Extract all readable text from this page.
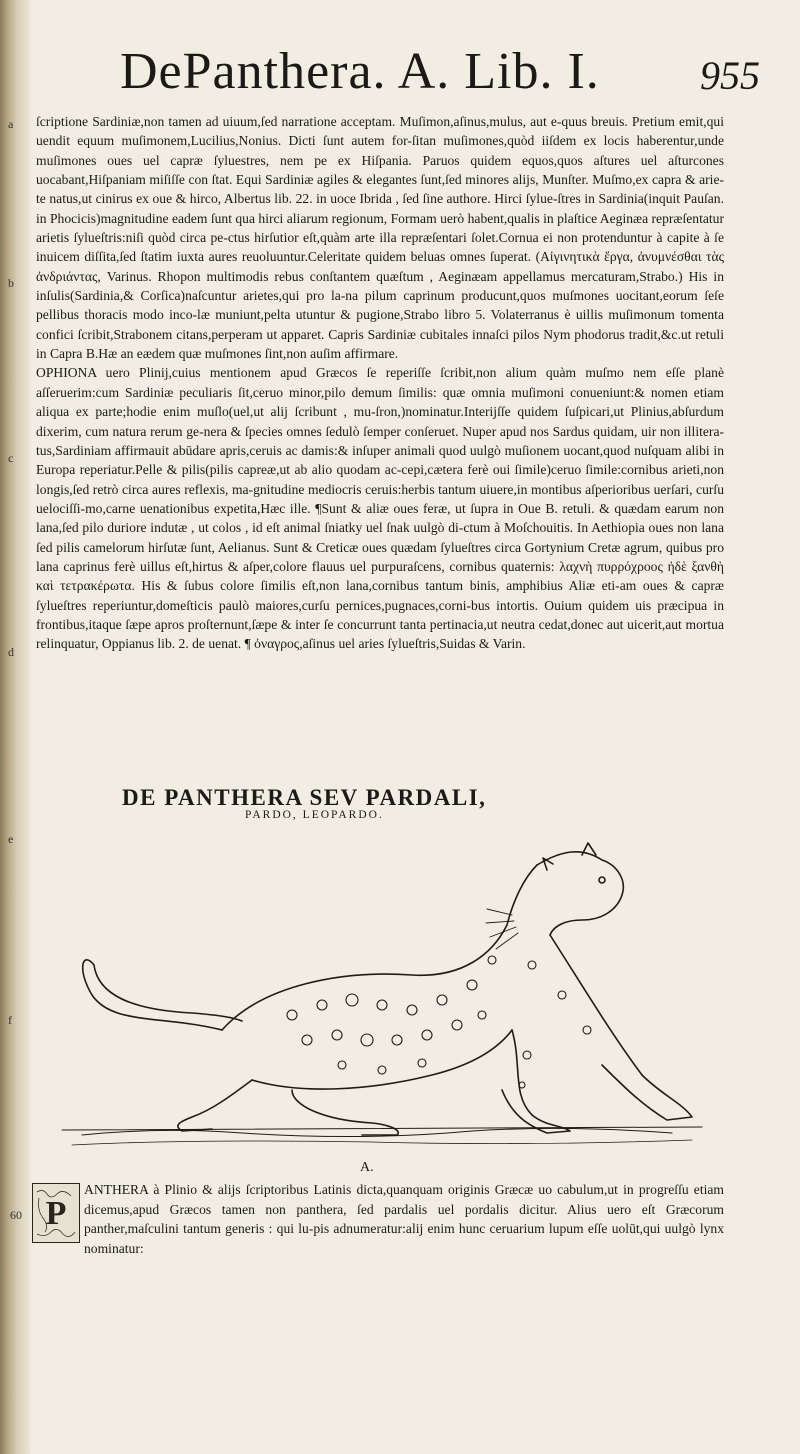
DePanthera. A. Lib. I.	955
a
b
c
d
e
f

ſcriptione Sardiniæ,non tamen ad uiuum,ſed narratione acceptam. Muſimon,aſinus,mulus, aut e-quus breuis. Pretium emit,qui uendit equum muſimonem,Lucilius,Nonius. Dicti ſunt autem for-ſitan muſimones,quòd iiſdem ex locis haberentur,unde muſimones oues uel capræ ſyluestres, nem pe ex Hiſpania. Paruos quidem equos,quos aſtures uel aſturcones uocabant,Hiſpaniam miſiſſe con ſtat. Equi Sardiniæ agiles & elegantes ſunt,ſed minores alijs, Munſter. Muſmo,ex capra & arie-te natus,ut cinirus ex oue & hirco, Albertus lib. 22. in uoce Ibrida , ſed ſine authore. Hirci ſylue-ſtres in Sardinia(inquit Pauſan. in Phocicis)magnitudine eadem ſunt qua hirci aliarum regionum, Formam uerò habent,qualis in plaſtice Aeginæa repræſentatur arietis ſylueſtris:niſi quòd circa pe-ctus hirſutior eſt,quàm arte illa repræſentari ſolet.Cornua ei non protenduntur à capite à ſe inuicem diſſita,ſed ſtatim iuxta aures reuoluuntur.Celeritate quidem beluas omnes ſuperat. (Αἰγινητικὰ ἔργα, ἀνυμνέσθαι τὰς ἀνδριάντας, Varinus. Rhopon multimodis rebus conſtantem quæſtum , Aeginæam appellamus mercaturam,Strabo.) His in inſulis(Sardinia,& Corſica)naſcuntur arietes,qui pro la-na pilum caprinum producunt,quos muſmones uocitant,eorum ſeſe pellibus thoracis modo inco-læ muniunt,pelta utuntur & pugione,Strabo libro 5. Volaterranus è uillis muſimonum tomenta confici ſcribit,Strabonem citans,perperam ut apparet. Capris Sardiniæ cubitales innaſci pilos Nym phodorus tradit,&c.ut retuli in Capra B.Hæ an eædem quæ muſmones ſint,non auſim affirmare.

OPHIONA uero Plinij,cuius mentionem apud Græcos ſe reperiſſe ſcribit,non alium quàm muſmo nem eſſe planè aſſeruerim:cum Sardiniæ peculiaris ſit,ceruo minor,pilo demum ſimilis: quæ omnia muſimoni conueniunt:& nomen etiam aliqua ex parte;hodie enim muſlo(uel,ut alij ſcribunt , mu-ſron,)nominatur.Interijſſe quidem ſuſpicari,ut Plinius,abſurdum dixerim, cum natura rerum ge-nera & ſpecies omnes ſedulò ſemper conſeruet. Nuper apud nos Sardus quidam, uir non illitera-tus,Sardiniam affirmauit abūdare apris,ceruis ac damis:& inſuper animali quod uulgò muſionem uocant,quod nuſquam alibi in Europa reperiatur.Pelle & pilis(pilis capreæ,ut ab alio quodam ac-cepi,cætera ferè oui ſimile)ceruo ſimile:cornibus arieti,non longis,ſed retrò circa aures reflexis, ma-gnitudine mediocris ceruis:herbis tantum uiuere,in montibus aſperioribus uerſari, curſu uelociſſi-mo,carne uenationibus expetita,Hæc ille. ¶Sunt & aliæ oues feræ, ut ſupra in Oue B. retuli. & quædam earum non lana,ſed pilo duriore indutæ , ut colos , id eſt animal ſniatky uel ſnak uulgò di-ctum à Moſchouitis. In Aethiopia oues non lana ſed pilis camelorum hirſutæ ſunt, Aelianus. Sunt & Creticæ oues quædam ſylueſtres circa Gortynium Cretæ agrum, quibus pro lana caprinus ferè uillus eſt,hirtus & aſper,colore flauus uel purpuraſcens, cornibus quaternis: λαχνὴ πυρρόχροος ἠδὲ ξανθὴ καὶ τετρακέρωτα. His & ſubus colore ſimilis eſt,non lana,cornibus tantum binis, amphibius Aliæ eti-am oues & capræ ſylueſtres reperiuntur,domeſticis paulò maiores,curſu pernices,pugnaces,corni-bus intortis. Ouium quidem uis præcipua in frontibus,itaque ſæpe apros proſternunt,ſæpe & inter ſe concurrunt tanta pertinacia,ut neutra cedat,donec aut uicerit,aut mortua relinquatur, Oppianus lib. 2. de uenat. ¶ ὀναγρος,aſinus uel aries ſylueſtris,Suidas & Varin.

DE PANTHERA SEV PARDALI,
PARDO, LEOPARDO.
A.
60 P

ANTHERA à Plinio & alijs ſcriptoribus Latinis dicta,quanquam originis Græcæ uo cabulum,ut in progreſſu etiam dicemus,apud Græcos tamen non panthera, ſed pardalis uel pordalis dicitur. Alius uero eſt Græcorum panther,maſculini tantum generis : qui lu-pis adnumeratur:alij enim hunc ceruarium lupum eſſe uolūt,qui uulgò lynx nominatur:
